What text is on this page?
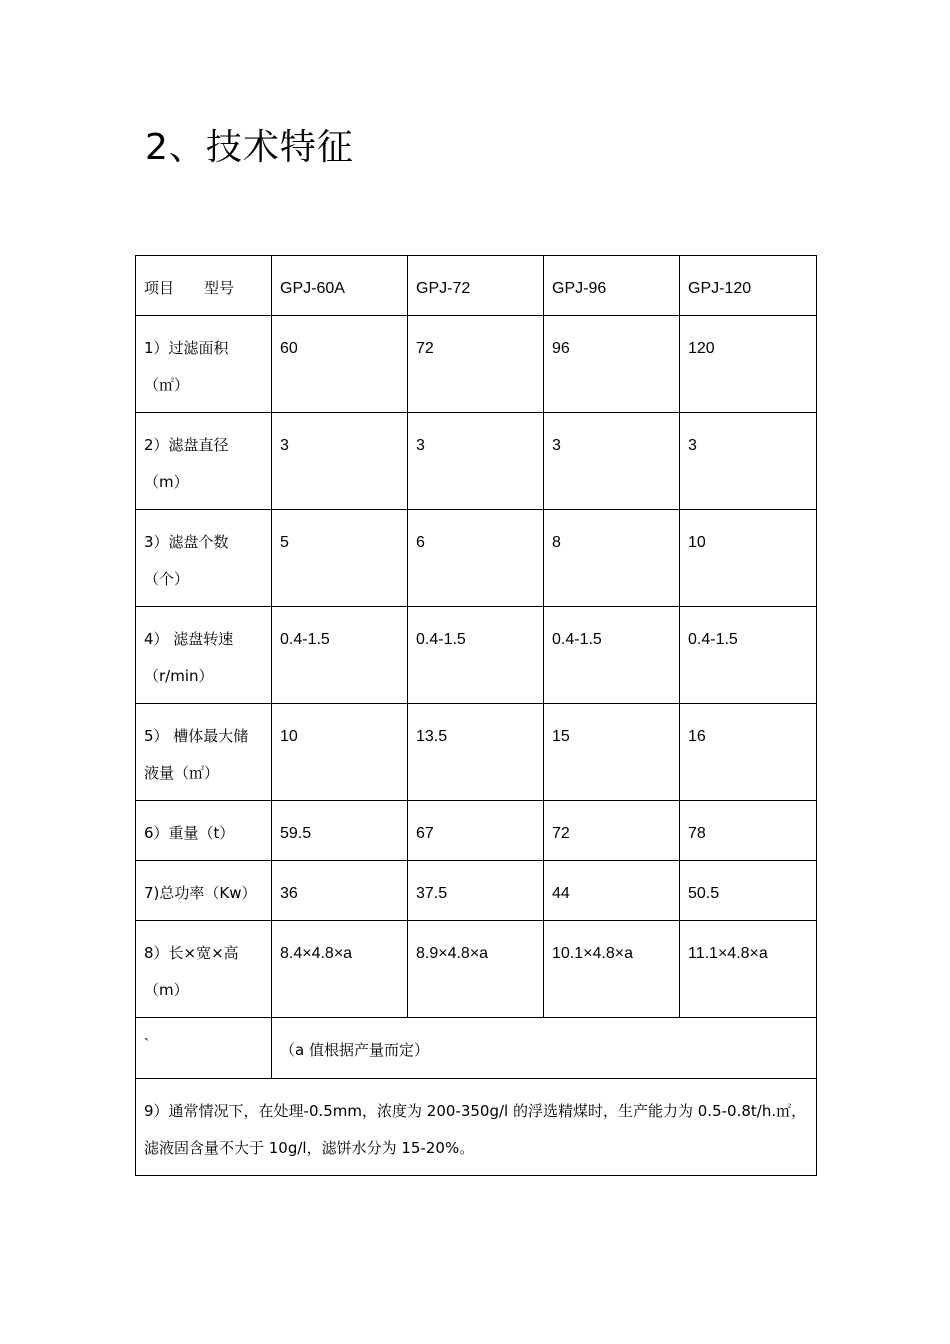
2、技术特征
项目 型号	GPJ-60A	GPJ-72	GPJ-96	GPJ-120

1）过滤面积（㎡）	60	72	96	120

2）滤盘直径（m）	3	3	3	3

3）滤盘个数（个）	5	6	8	10

4） 滤盘转速（r/min）	0.4-1.5	0.4-1.5	0.4-1.5	0.4-1.5

5） 槽体最大储液量（㎡）	10	13.5	15	16

6）重量（t）	59.5	67	72	78

7)总功率（Kw）	36	37.5	44	50.5

8）长×宽×高（m）	8.4×4.8×a	8.9×4.8×a	10.1×4.8×a	11.1×4.8×a

`	（a 值根据产量而定）			

9）通常情况下，在处理-0.5mm，浓度为 200-350g/l 的浮选精煤时，生产能力为 0.5-0.8t/h.㎡，滤液固含量不大于 10g/l，滤饼水分为 15-20%。				
